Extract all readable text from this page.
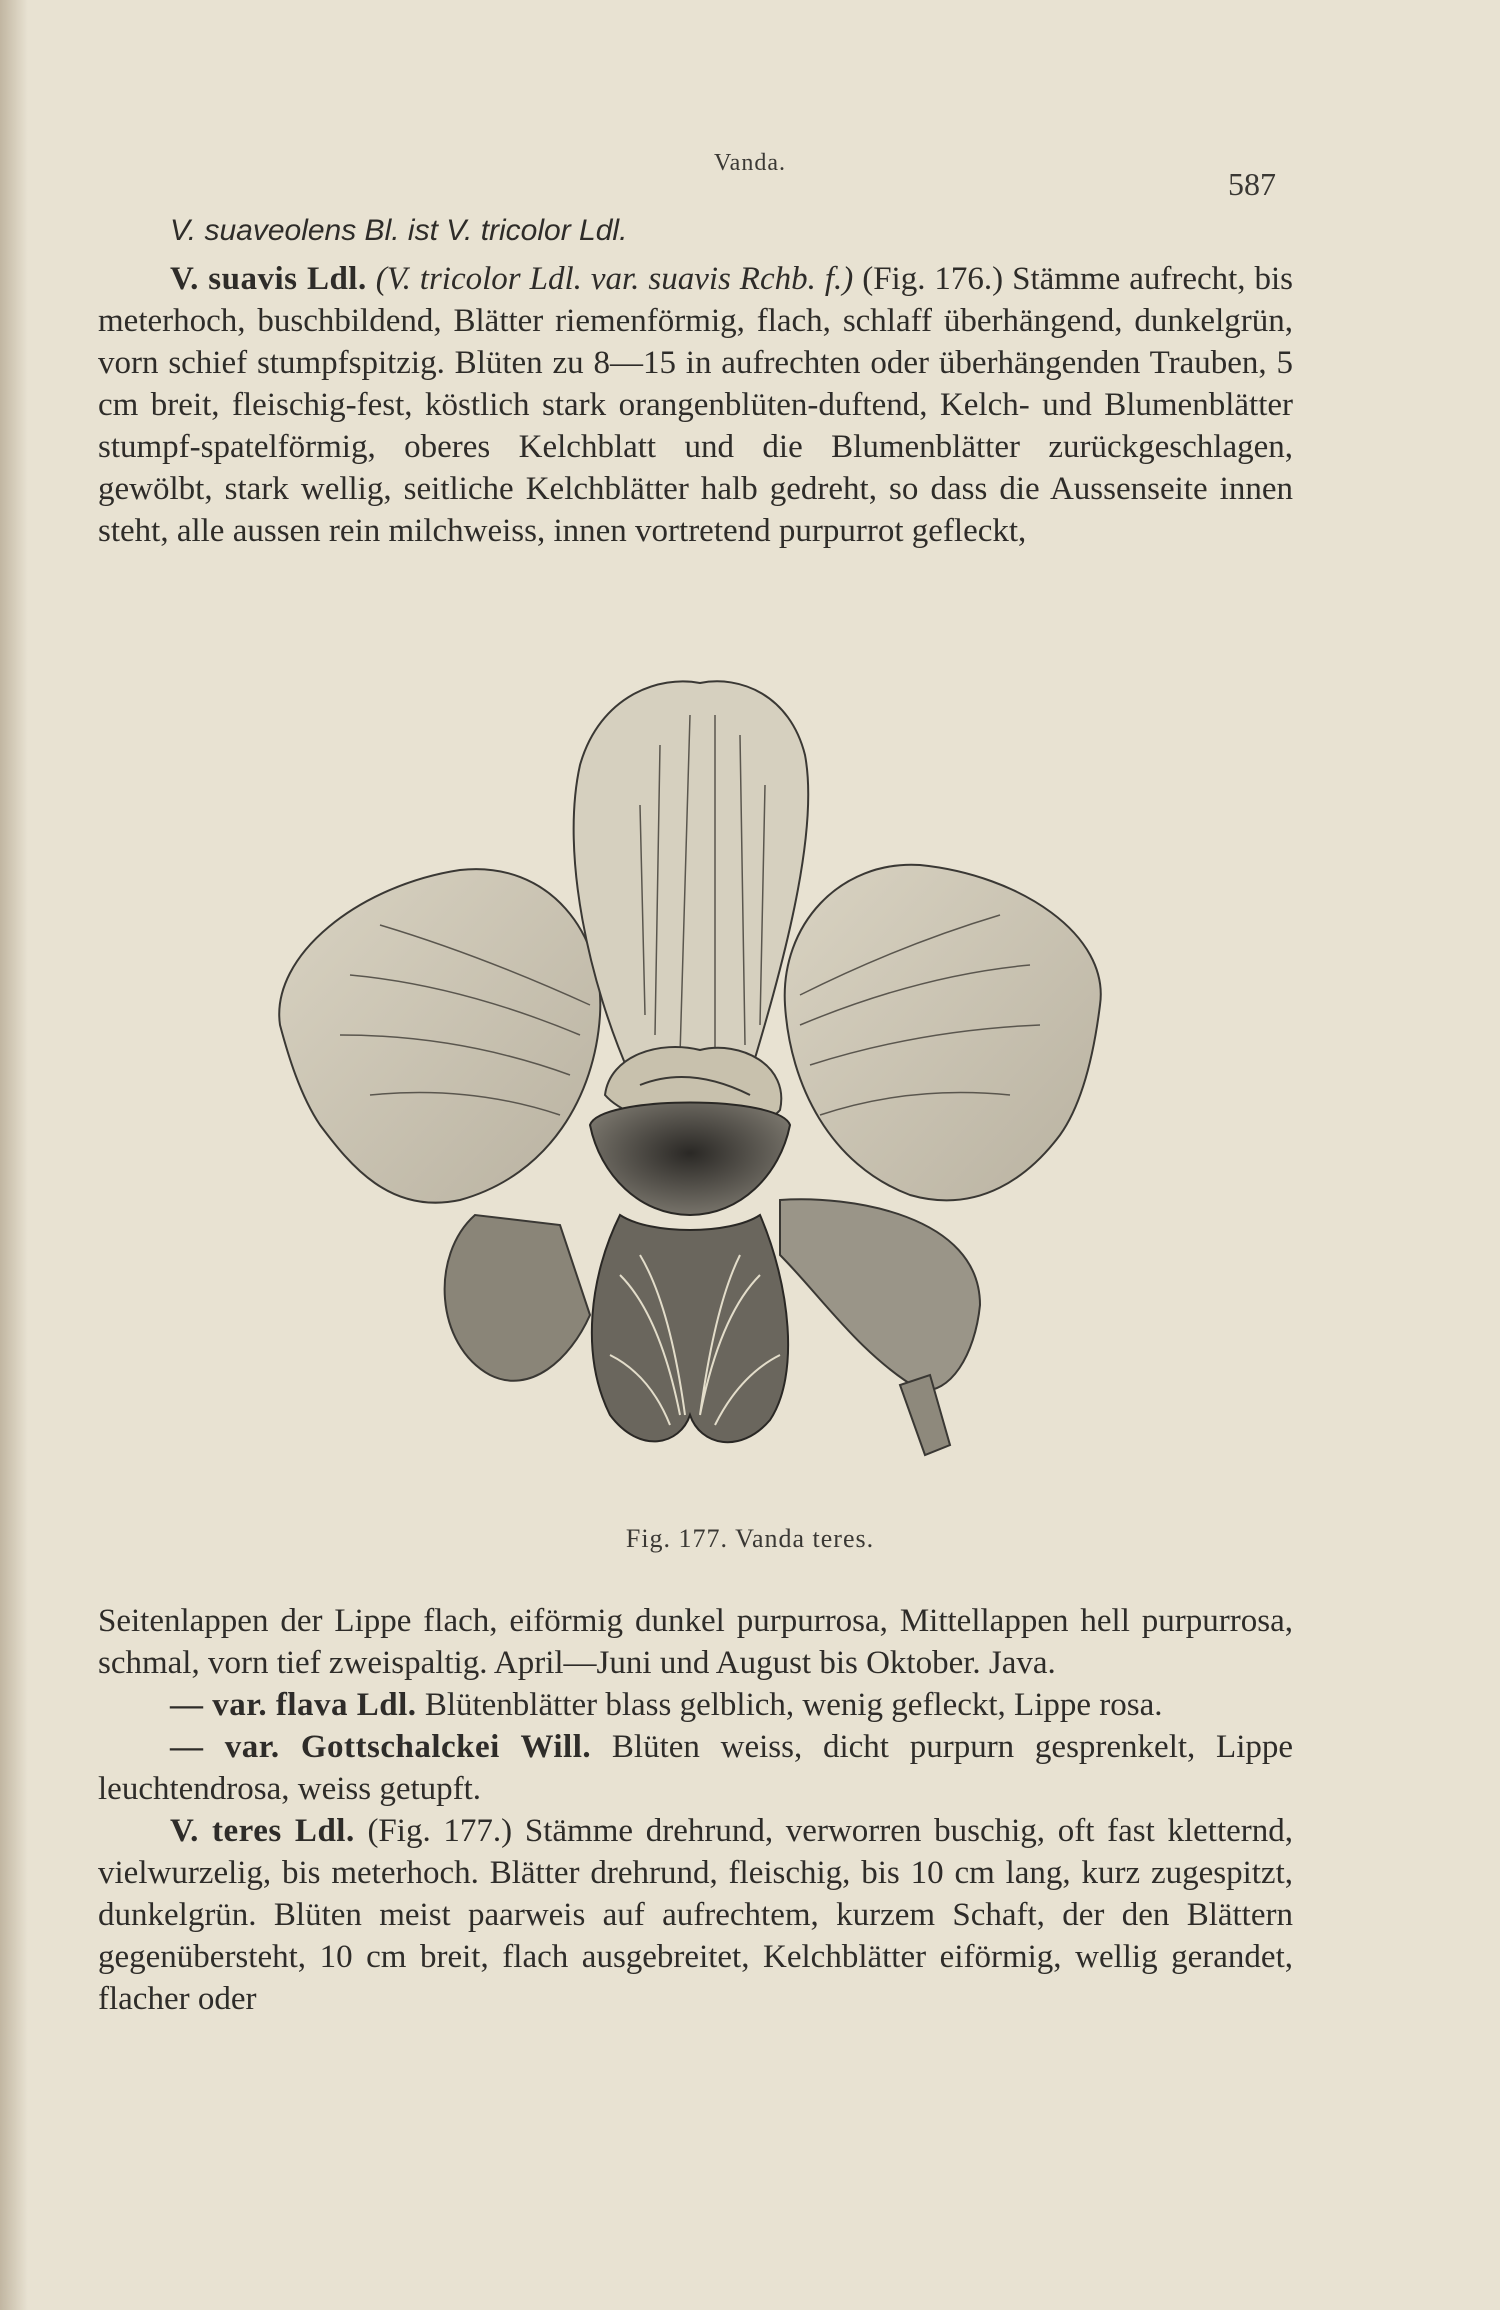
Vanda.
587
V. suaveolens Bl. ist V. tricolor Ldl.

V. suavis Ldl. (V. tricolor Ldl. var. suavis Rchb. f.) (Fig. 176.) Stämme aufrecht, bis meterhoch, buschbildend, Blätter riemenförmig, flach, schlaff überhängend, dunkelgrün, vorn schief stumpfspitzig. Blüten zu 8—15 in aufrechten oder überhängenden Trauben, 5 cm breit, fleischig-fest, köstlich stark orangenblüten-duftend, Kelch- und Blumenblätter stumpf-spatelförmig, oberes Kelchblatt und die Blumenblätter zurückgeschlagen, gewölbt, stark wellig, seitliche Kelchblätter halb gedreht, so dass die Aussenseite innen steht, alle aussen rein milchweiss, innen vortretend purpurrot gefleckt,

Fig. 177. Vanda teres.

Seitenlappen der Lippe flach, eiförmig dunkel purpurrosa, Mittellappen hell purpurrosa, schmal, vorn tief zweispaltig. April—Juni und August bis Oktober. Java.

— var. flava Ldl. Blütenblätter blass gelblich, wenig gefleckt, Lippe rosa.

— var. Gottschalckei Will. Blüten weiss, dicht purpurn gesprenkelt, Lippe leuchtendrosa, weiss getupft.

V. teres Ldl. (Fig. 177.) Stämme drehrund, verworren buschig, oft fast kletternd, vielwurzelig, bis meterhoch. Blätter drehrund, fleischig, bis 10 cm lang, kurz zugespitzt, dunkelgrün. Blüten meist paarweis auf aufrechtem, kurzem Schaft, der den Blättern gegenübersteht, 10 cm breit, flach ausgebreitet, Kelchblätter eiförmig, wellig gerandet, flacher oder
